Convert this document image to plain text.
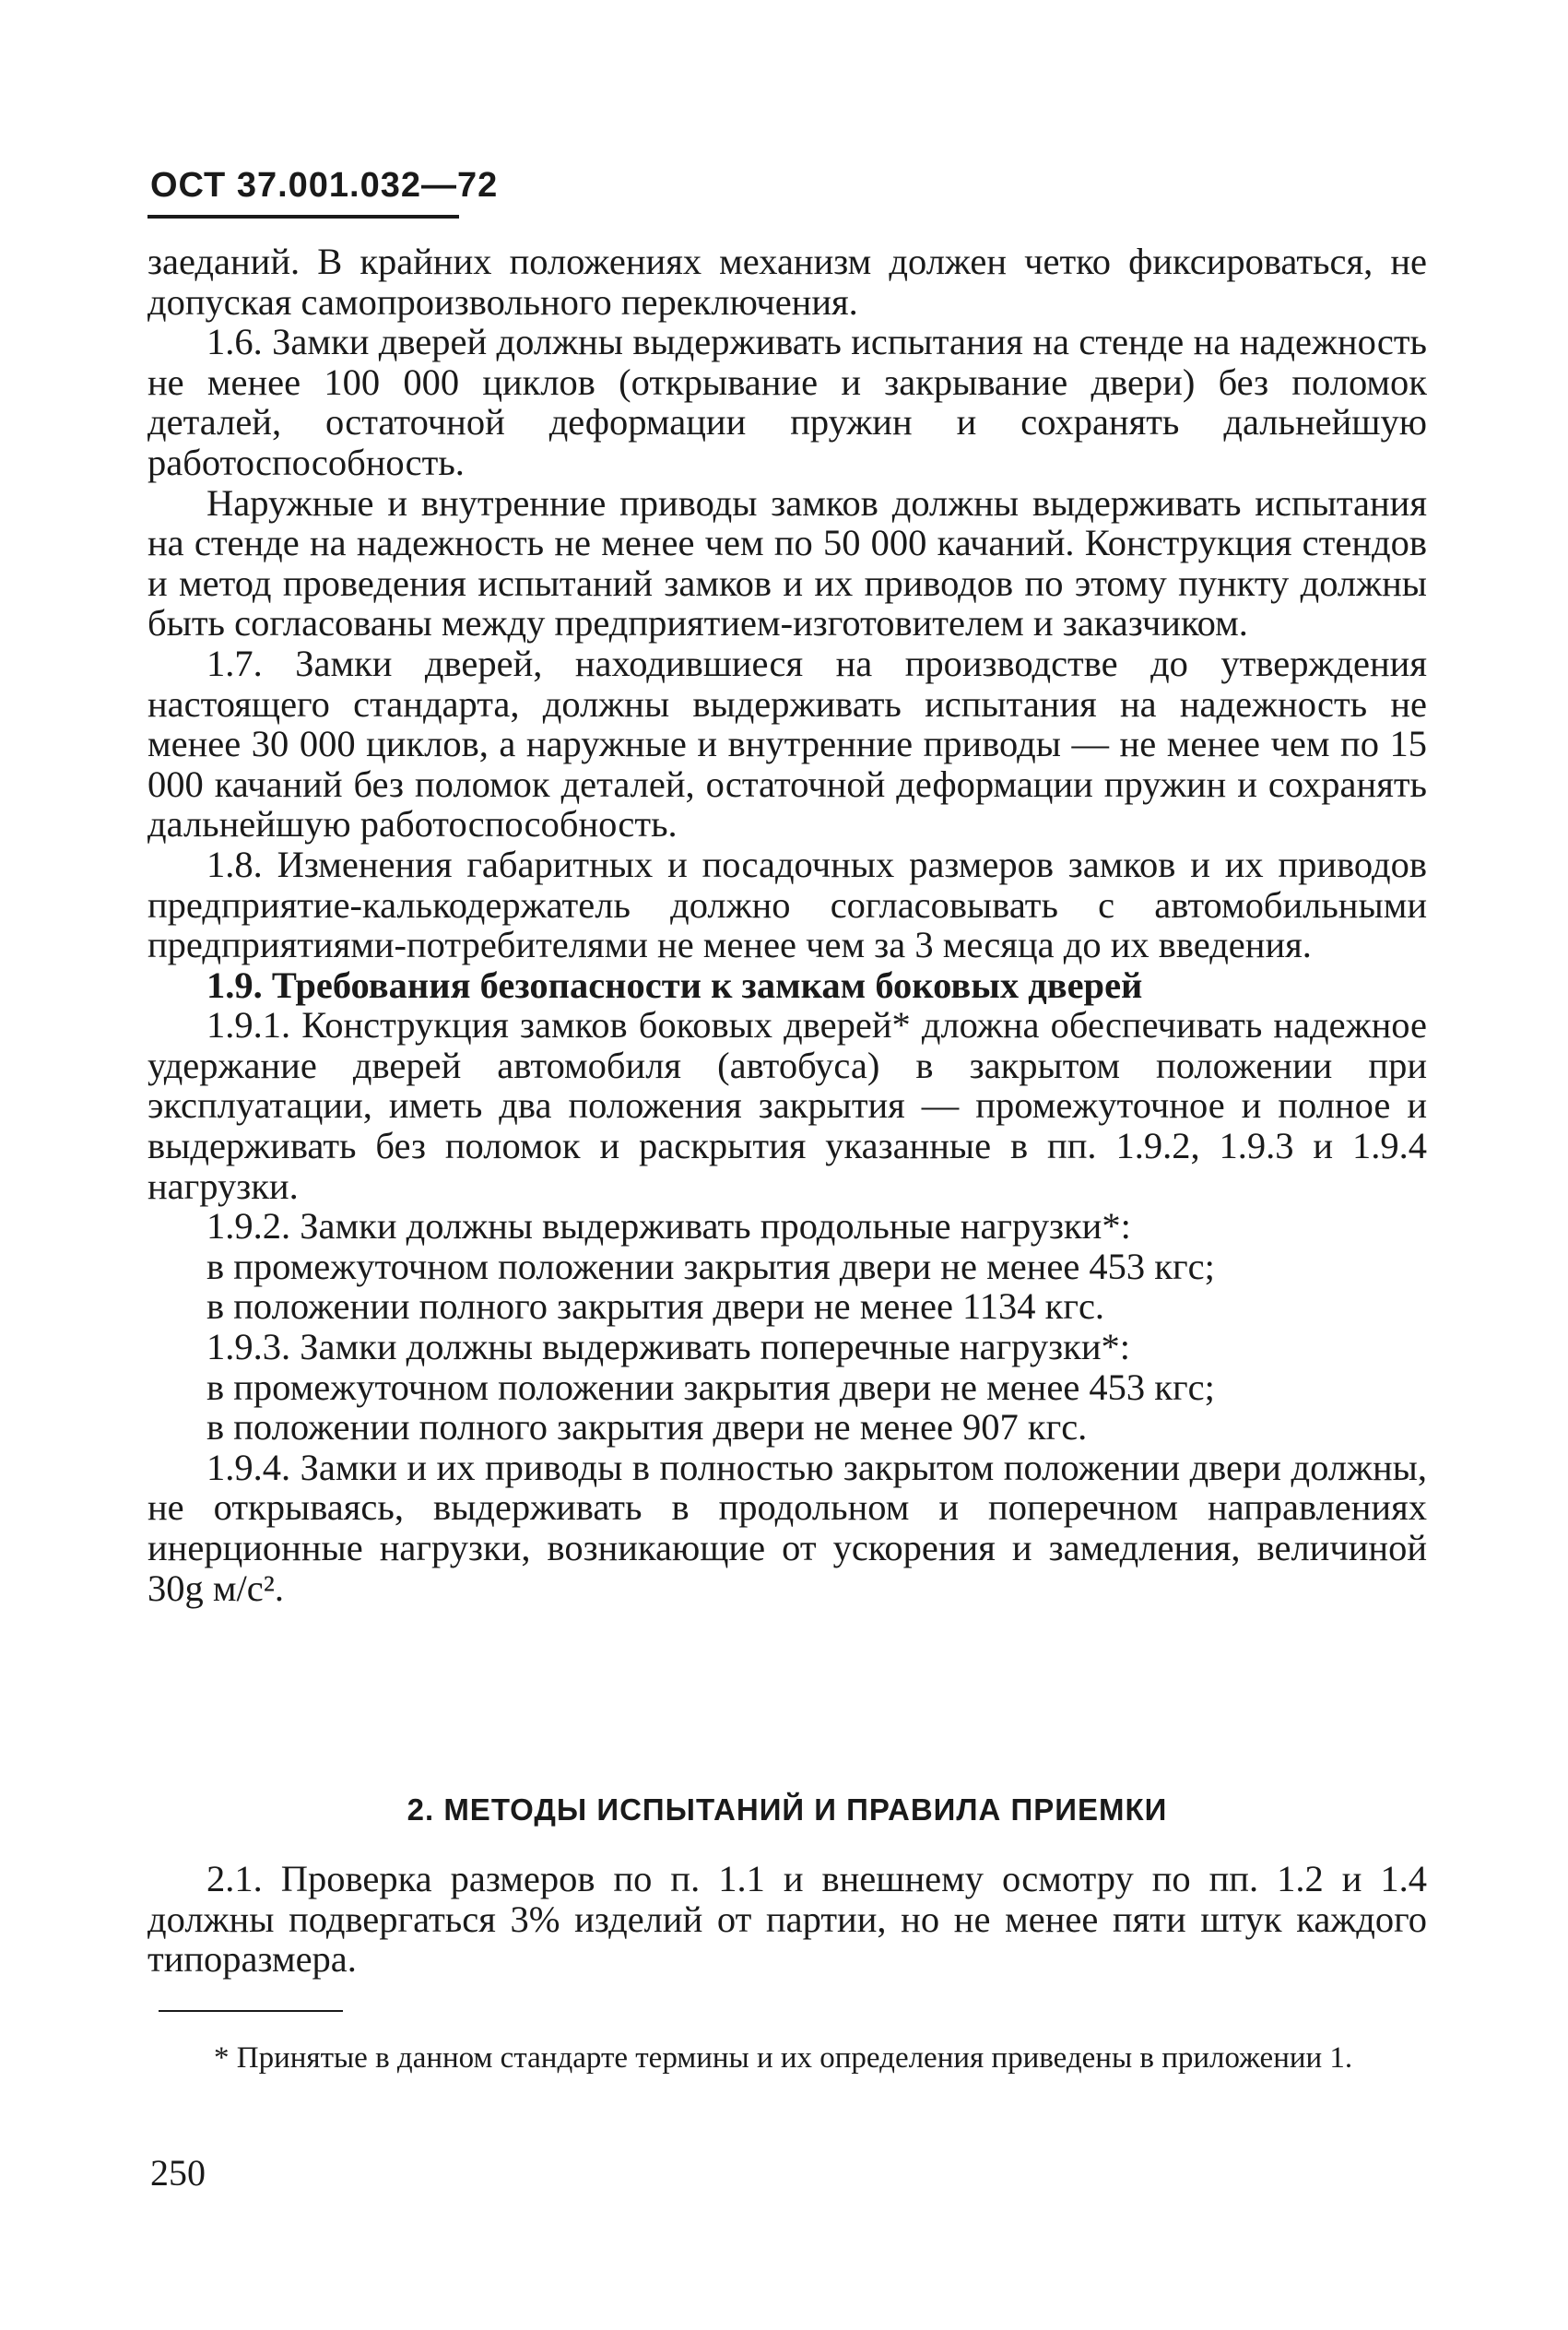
ОСТ 37.001.032—72

заеданий. В крайних положениях механизм должен четко фиксироваться, не допуская самопроизвольного переключения.

1.6. Замки дверей должны выдерживать испытания на стенде на надежность не менее 100 000 циклов (открывание и закрывание двери) без поломок деталей, остаточной деформации пружин и сохранять дальнейшую работоспособность.

Наружные и внутренние приводы замков должны выдерживать испытания на стенде на надежность не менее чем по 50 000 качаний. Конструкция стендов и метод проведения испытаний замков и их приводов по этому пункту должны быть согласованы между предприятием-изготовителем и заказчиком.

1.7. Замки дверей, находившиеся на производстве до утверждения настоящего стандарта, должны выдерживать испытания на надежность не менее 30 000 циклов, а наружные и внутренние приводы — не менее чем по 15 000 качаний без поломок деталей, остаточной деформации пружин и сохранять дальнейшую работоспособность.

1.8. Изменения габаритных и посадочных размеров замков и их приводов предприятие-калькодержатель должно согласовывать с автомобильными предприятиями-потребителями не менее чем за 3 месяца до их введения.

1.9. Требования безопасности к замкам боковых дверей

1.9.1. Конструкция замков боковых дверей* дложна обеспечивать надежное удержание дверей автомобиля (автобуса) в закрытом положении при эксплуатации, иметь два положения закрытия — промежуточное и полное и выдерживать без поломок и раскрытия указанные в пп. 1.9.2, 1.9.3 и 1.9.4 нагрузки.

1.9.2. Замки должны выдерживать продольные нагрузки*:

в промежуточном положении закрытия двери не менее 453 кгс;

в положении полного закрытия двери не менее 1134 кгс.

1.9.3. Замки должны выдерживать поперечные нагрузки*:

в промежуточном положении закрытия двери не менее 453 кгс;

в положении полного закрытия двери не менее 907 кгс.

1.9.4. Замки и их приводы в полностью закрытом положении двери должны, не открываясь, выдерживать в продольном и поперечном направлениях инерционные нагрузки, возникающие от ускорения и замедления, величиной 30g м/с².

2. МЕТОДЫ ИСПЫТАНИЙ И ПРАВИЛА ПРИЕМКИ

2.1. Проверка размеров по п. 1.1 и внешнему осмотру по пп. 1.2 и 1.4 должны подвергаться 3% изделий от партии, но не менее пяти штук каждого типоразмера.

* Принятые в данном стандарте термины и их определения приведены в приложении 1.
250
